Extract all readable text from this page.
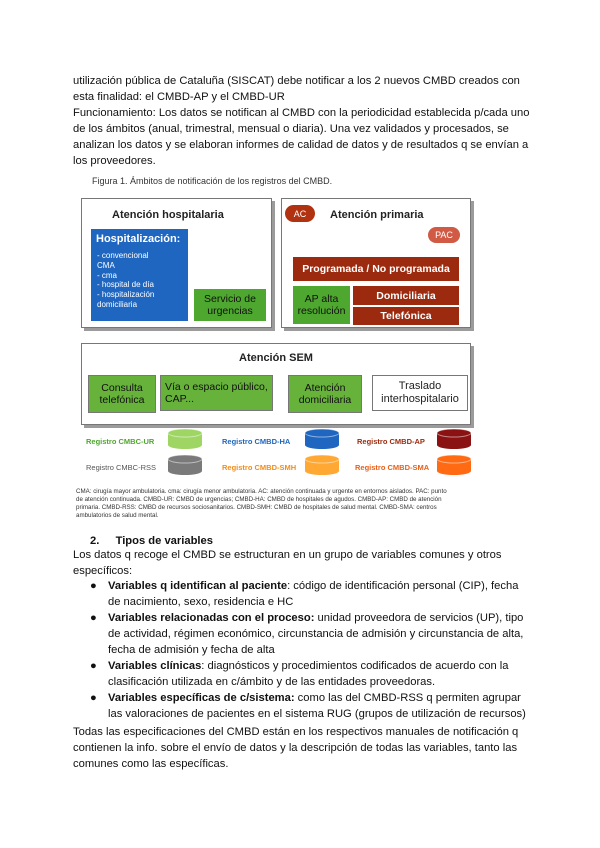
utilización pública de Cataluña (SISCAT) debe notificar a los 2 nuevos CMBD creados con
esta finalidad: el CMBD-AP y el CMBD-UR
Funcionamiento: Los datos se notifican al CMBD con la periodicidad establecida p/cada uno
de los ámbitos (anual, trimestral, mensual o diaria). Una vez validados y procesados, se
analizan los datos y se elaboran informes de calidad de datos y de resultados q se envían a
los proveedores.
Figura 1. Ámbitos de notificación de los registros del CMBD.
Atención hospitalaria
Hospitalización:
- convencional
CMA
- cma
- hospital de día
- hospitalización
domiciliaria	Servicio de
urgencias
AC	Atención primaria
PAC
Programada / No programada
AP alta
resolución
Domiciliaria
Telefónica
Atención SEM
Consulta
telefónica
Vía o espacio público,
CAP...
Atención
domiciliaria
Traslado
interhospitalario
Registro CMBC-UR	Registro CMBD-HA	Registro CMBD-AP
Registro CMBC-RSS	Registro CMBD-SMH	Registro CMBD-SMA
CMA: cirugía mayor ambulatoria. cma: cirugía menor ambulatoria. AC: atención continuada y urgente en entornos aislados. PAC: punto
de atención continuada. CMBD-UR: CMBD de urgencias; CMBD-HA: CMBD de hospitales de agudos. CMBD-AP: CMBD de atención
primaria. CMBD-RSS: CMBD de recursos sociosanitarios. CMBD-SMH: CMBD de hospitales de salud mental. CMBD-SMA: centros
ambulatorios de salud mental.
2. Tipos de variables
Los datos q recoge el CMBD se estructuran en un grupo de variables comunes y otros
específicos:
● Variables q identifican al paciente: código de identificación personal (CIP), fecha
de nacimiento, sexo, residencia e HC
● Variables relacionadas con el proceso: unidad proveedora de servicios (UP), tipo
de actividad, régimen económico, circunstancia de admisión y circunstancia de alta,
fecha de admisión y fecha de alta
● Variables clínicas: diagnósticos y procedimientos codificados de acuerdo con la
clasificación utilizada en c/ámbito y de las entidades proveedoras.
● Variables específicas de c/sistema: como las del CMBD-RSS q permiten agrupar
las valoraciones de pacientes en el sistema RUG (grupos de utilización de recursos)
Todas las especificaciones del CMBD están en los respectivos manuales de notificación q
contienen la info. sobre el envío de datos y la descripción de todas las variables, tanto las
comunes como las específicas.
